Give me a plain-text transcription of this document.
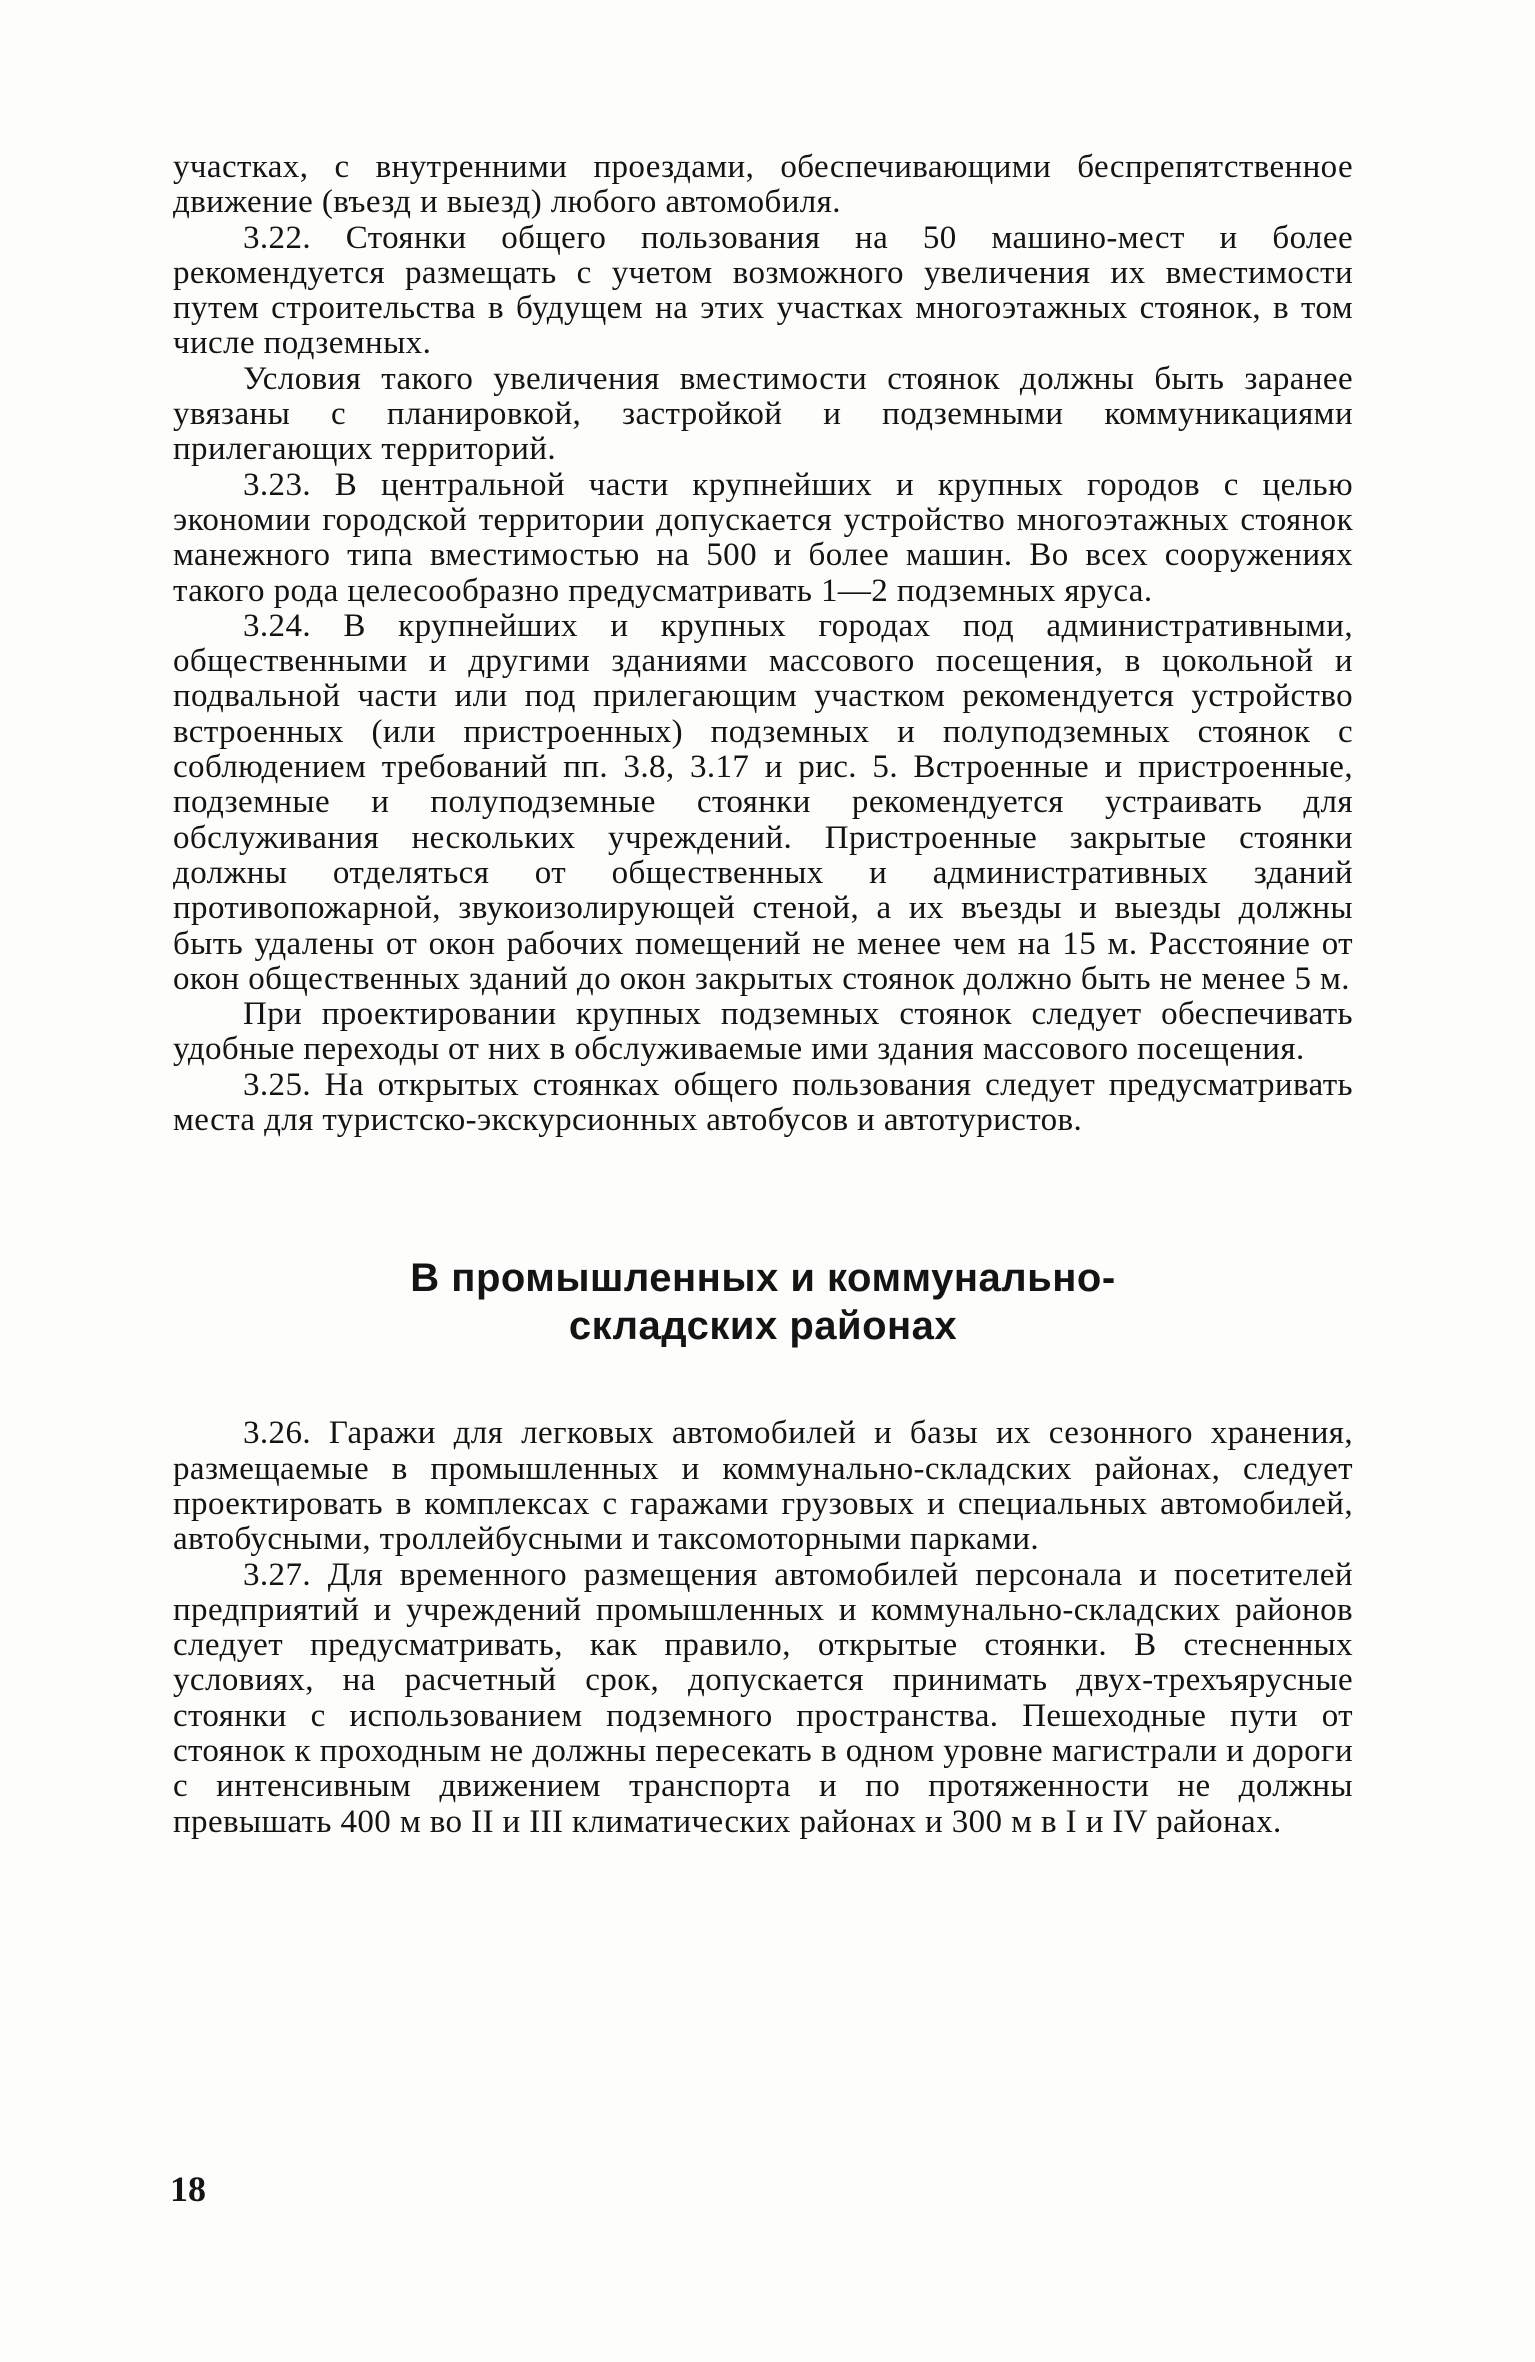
участках, с внутренними проездами, обеспечивающими беспрепятственное движение (въезд и выезд) любого автомобиля.

3.22. Стоянки общего пользования на 50 машино-мест и более рекомендуется размещать с учетом возможного увеличения их вместимости путем строительства в будущем на этих участках многоэтажных стоянок, в том числе подземных.

Условия такого увеличения вместимости стоянок должны быть заранее увязаны с планировкой, застройкой и подземными коммуникациями прилегающих территорий.

3.23. В центральной части крупнейших и крупных городов с целью экономии городской территории допускается устройство многоэтажных стоянок манежного типа вместимостью на 500 и более машин. Во всех сооружениях такого рода целесообразно предусматривать 1—2 подземных яруса.

3.24. В крупнейших и крупных городах под административными, общественными и другими зданиями массового посещения, в цокольной и подвальной части или под прилегающим участком рекомендуется устройство встроенных (или пристроенных) подземных и полуподземных стоянок с соблюдением требований пп. 3.8, 3.17 и рис. 5. Встроенные и пристроенные, подземные и полуподземные стоянки рекомендуется устраивать для обслуживания нескольких учреждений. Пристроенные закрытые стоянки должны отделяться от общественных и административных зданий противопожарной, звукоизолирующей стеной, а их въезды и выезды должны быть удалены от окон рабочих помещений не менее чем на 15 м. Расстояние от окон общественных зданий до окон закрытых стоянок должно быть не менее 5 м.

При проектировании крупных подземных стоянок следует обеспечивать удобные переходы от них в обслуживаемые ими здания массового посещения.

3.25. На открытых стоянках общего пользования следует предусматривать места для туристско-экскурсионных автобусов и автотуристов.

В промышленных и коммунально-
складских районах

3.26. Гаражи для легковых автомобилей и базы их сезонного хранения, размещаемые в промышленных и коммунально-складских районах, следует проектировать в комплексах с гаражами грузовых и специальных автомобилей, автобусными, троллейбусными и таксомоторными парками.

3.27. Для временного размещения автомобилей персонала и посетителей предприятий и учреждений промышленных и коммунально-складских районов следует предусматривать, как правило, открытые стоянки. В стесненных условиях, на расчетный срок, допускается принимать двух-трехъярусные стоянки с использованием подземного пространства. Пешеходные пути от стоянок к проходным не должны пересекать в одном уровне магистрали и дороги с интенсивным движением транспорта и по протяженности не должны превышать 400 м во II и III климатических районах и 300 м в I и IV районах.

18
